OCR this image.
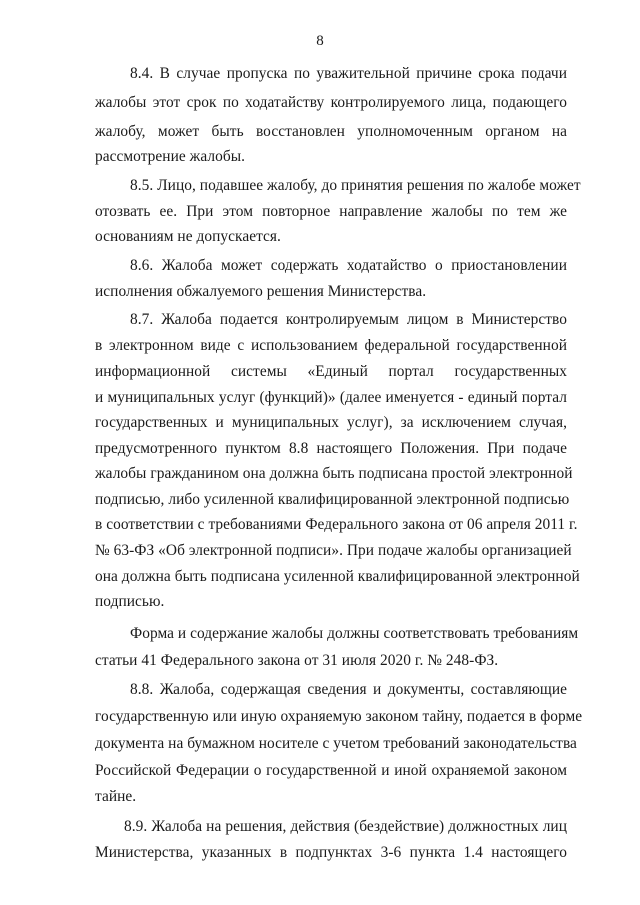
8
8.4. В случае пропуска по уважительной причине срока подачи
жалобы этот срок по ходатайству контролируемого лица, подающего
жалобу, может быть восстановлен уполномоченным органом на
рассмотрение жалобы.
8.5. Лицо, подавшее жалобу, до принятия решения по жалобе может
отозвать ее. При этом повторное направление жалобы по тем же
основаниям не допускается.
8.6. Жалоба может содержать ходатайство о приостановлении
исполнения обжалуемого решения Министерства.
8.7. Жалоба подается контролируемым лицом в Министерство
в электронном виде с использованием федеральной государственной
информационной системы «Единый портал государственных
и муниципальных услуг (функций)» (далее именуется - единый портал
государственных и муниципальных услуг), за исключением случая,
предусмотренного пунктом 8.8 настоящего Положения. При подаче
жалобы гражданином она должна быть подписана простой электронной
подписью, либо усиленной квалифицированной электронной подписью
в соответствии с требованиями Федерального закона от 06 апреля 2011 г.
№ 63-ФЗ «Об электронной подписи». При подаче жалобы организацией
она должна быть подписана усиленной квалифицированной электронной
подписью.
Форма и содержание жалобы должны соответствовать требованиям
статьи 41 Федерального закона от 31 июля 2020 г. № 248-ФЗ.
8.8. Жалоба, содержащая сведения и документы, составляющие
государственную или иную охраняемую законом тайну, подается в форме
документа на бумажном носителе с учетом требований законодательства
Российской Федерации о государственной и иной охраняемой законом
тайне.
8.9. Жалоба на решения, действия (бездействие) должностных лиц
Министерства, указанных в подпунктах 3-6 пункта 1.4 настоящего
